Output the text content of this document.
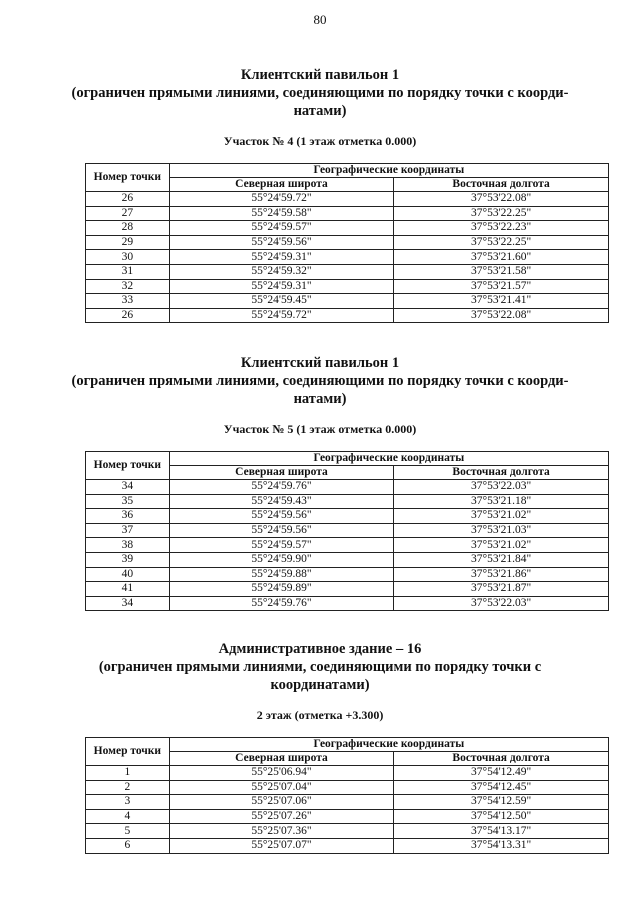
80
Клиентский павильон 1
(ограничен прямыми линиями, соединяющими по порядку точки с коорди-
натами)
Участок № 4 (1 этаж отметка 0.000)
Номер точки	Географические координаты	
	Северная широта	Восточная долгота
26	55°24'59.72"	37°53'22.08"
27	55°24'59.58"	37°53'22.25"
28	55°24'59.57"	37°53'22.23"
29	55°24'59.56"	37°53'22.25"
30	55°24'59.31"	37°53'21.60"
31	55°24'59.32"	37°53'21.58"
32	55°24'59.31"	37°53'21.57"
33	55°24'59.45"	37°53'21.41"
26	55°24'59.72"	37°53'22.08"
Клиентский павильон 1
(ограничен прямыми линиями, соединяющими по порядку точки с коорди-
натами)
Участок № 5 (1 этаж отметка 0.000)
Номер точки	Географические координаты	
	Северная широта	Восточная долгота
34	55°24'59.76"	37°53'22.03"
35	55°24'59.43"	37°53'21.18"
36	55°24'59.56"	37°53'21.02"
37	55°24'59.56"	37°53'21.03"
38	55°24'59.57"	37°53'21.02"
39	55°24'59.90"	37°53'21.84"
40	55°24'59.88"	37°53'21.86"
41	55°24'59.89"	37°53'21.87"
34	55°24'59.76"	37°53'22.03"
Административное здание – 16
(ограничен прямыми линиями, соединяющими по порядку точки с
координатами)
2 этаж (отметка +3.300)
Номер точки	Географические координаты	
	Северная широта	Восточная долгота
1	55°25'06.94"	37°54'12.49"
2	55°25'07.04"	37°54'12.45"
3	55°25'07.06"	37°54'12.59"
4	55°25'07.26"	37°54'12.50"
5	55°25'07.36"	37°54'13.17"
6	55°25'07.07"	37°54'13.31"
